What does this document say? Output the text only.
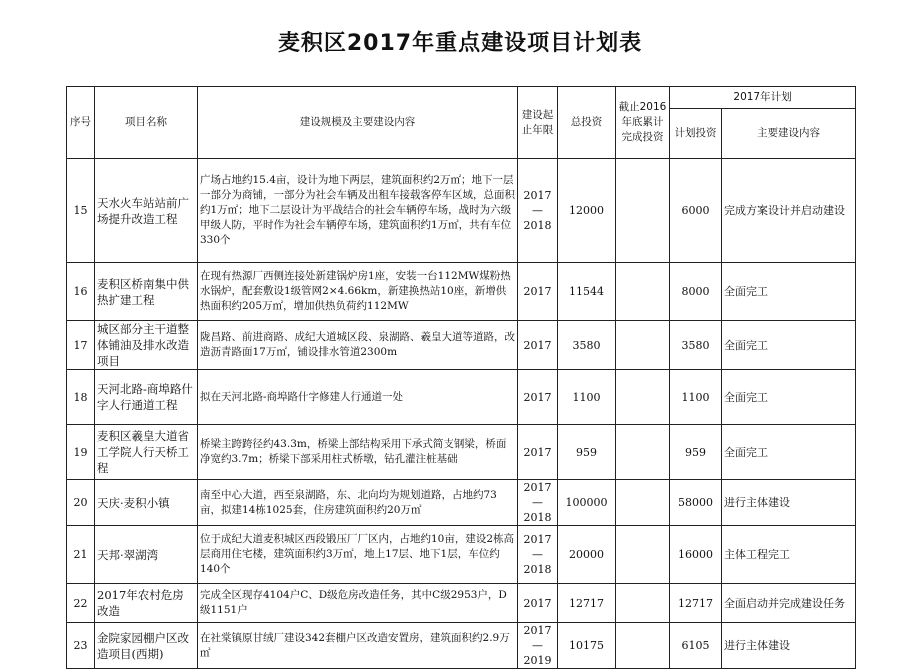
麦积区2017年重点建设项目计划表
序号	项目名称	建设规模及主要建设内容	建设起止年限	总投资	截止2016年底累计完成投资	2017年计划	
						计划投资	主要建设内容
15	天水火车站站前广场提升改造工程	广场占地约15.4亩，设计为地下两层，建筑面积约2万㎡；地下一层一部分为商铺，一部分为社会车辆及出租车接载客停车区域，总面积约1万㎡；地下二层设计为平战结合的社会车辆停车场，战时为六级甲级人防，平时作为社会车辆停车场，建筑面积约1万㎡，共有车位330个	2017—2018	12000		6000	完成方案设计并启动建设
16	麦积区桥南集中供热扩建工程	在现有热源厂西侧连接处新建锅炉房1座，安装一台112MW煤粉热水锅炉，配套敷设1级管网2×4.66km，新建换热站10座，新增供热面积约205万㎡，增加供热负荷约112MW	2017	11544		8000	全面完工
17	城区部分主干道整体铺油及排水改造项目	陇昌路、前进商路、成纪大道城区段、泉湖路、羲皇大道等道路，改造沥青路面17万㎡，铺设排水管道2300m	2017	3580		3580	全面完工
18	天河北路-商埠路什字人行通道工程	拟在天河北路-商埠路什字修建人行通道一处	2017	1100		1100	全面完工
19	麦积区羲皇大道省工学院人行天桥工程	桥梁主跨跨径约43.3m，桥梁上部结构采用下承式简支钢梁，桥面净宽约3.7m；桥梁下部采用柱式桥墩，钻孔灌注桩基础	2017	959		959	全面完工
20	天庆·麦积小镇	南至中心大道，西至泉湖路，东、北向均为规划道路，占地约73亩，拟建14栋1025套，住房建筑面积约20万㎡	2017—2018	100000		58000	进行主体建设
21	天邦·翠湖湾	位于成纪大道麦积城区西段锻压厂厂区内，占地约10亩，建设2栋高层商用住宅楼，建筑面积约3万㎡，地上17层、地下1层，车位约140个	2017—2018	20000		16000	主体工程完工
22	2017年农村危房改造	完成全区现存4104户C、D级危房改造任务，其中C级2953户，D级1151户	2017	12717		12717	全面启动并完成建设任务
23	金院家园棚户区改造项目(西期)	在社棠镇原甘绒厂建设342套棚户区改造安置房，建筑面积约2.9万㎡	2017—2019	10175		6105	进行主体建设
